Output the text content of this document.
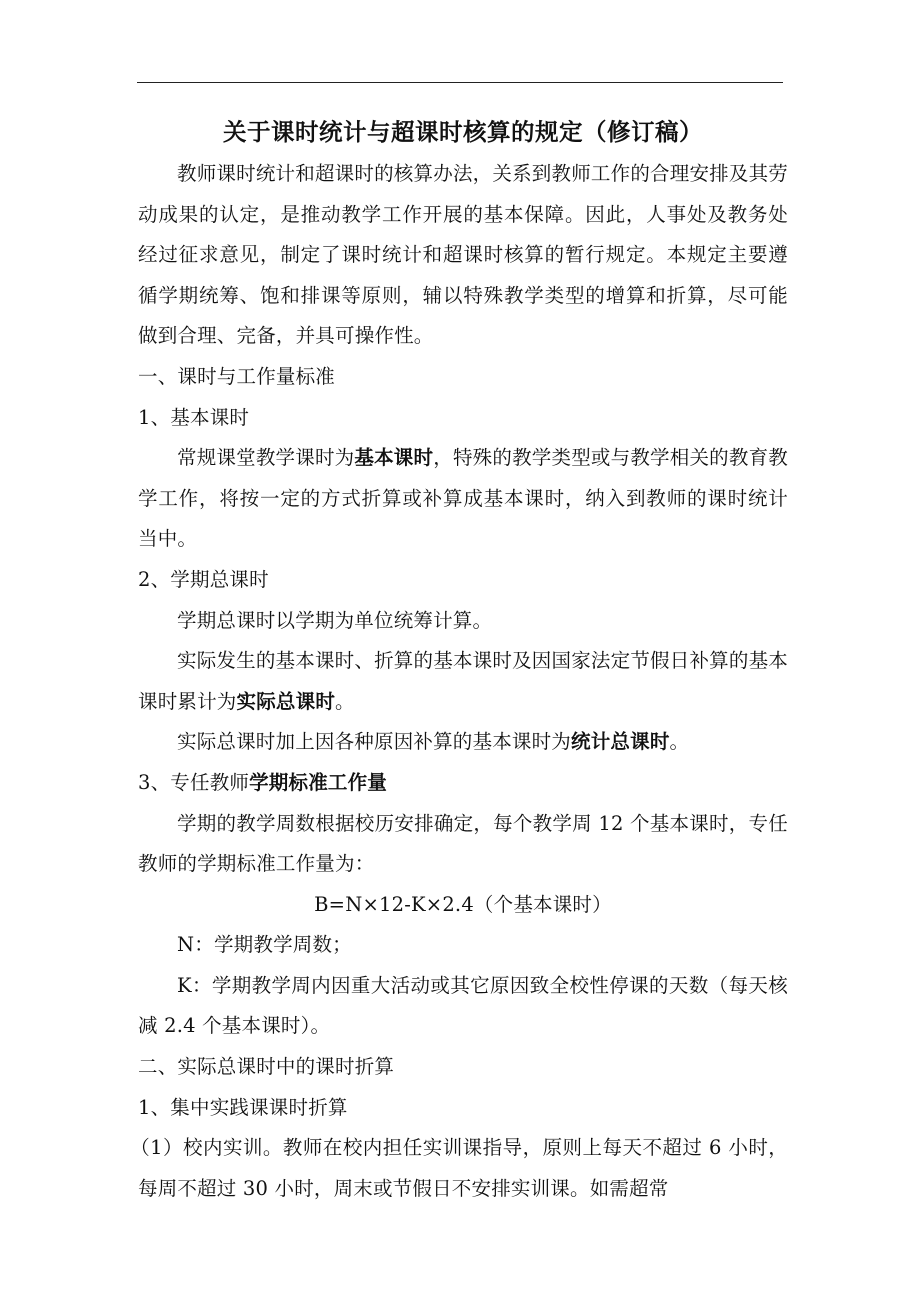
关于课时统计与超课时核算的规定（修订稿）

教师课时统计和超课时的核算办法，关系到教师工作的合理安排及其劳动成果的认定，是推动教学工作开展的基本保障。因此，人事处及教务处经过征求意见，制定了课时统计和超课时核算的暂行规定。本规定主要遵循学期统筹、饱和排课等原则，辅以特殊教学类型的增算和折算，尽可能做到合理、完备，并具可操作性。

一、课时与工作量标准

1、基本课时

常规课堂教学课时为基本课时，特殊的教学类型或与教学相关的教育教学工作，将按一定的方式折算或补算成基本课时，纳入到教师的课时统计当中。

2、学期总课时

学期总课时以学期为单位统筹计算。

实际发生的基本课时、折算的基本课时及因国家法定节假日补算的基本课时累计为实际总课时。

实际总课时加上因各种原因补算的基本课时为统计总课时。

3、专任教师学期标准工作量

学期的教学周数根据校历安排确定，每个教学周 12 个基本课时，专任教师的学期标准工作量为：

B=N×12-K×2.4（个基本课时）

N：学期教学周数；

K：学期教学周内因重大活动或其它原因致全校性停课的天数（每天核减 2.4 个基本课时）。

二、实际总课时中的课时折算

1、集中实践课课时折算

（1）校内实训。教师在校内担任实训课指导，原则上每天不超过 6 小时，每周不超过 30 小时，周末或节假日不安排实训课。如需超常
